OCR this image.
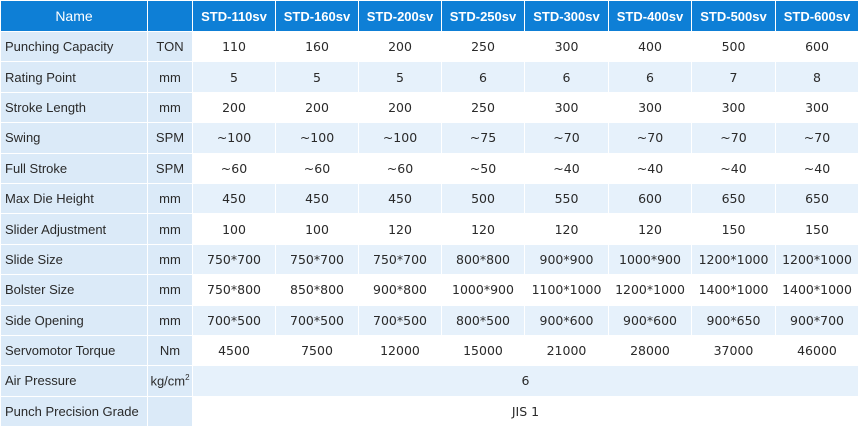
Name		STD-110sv	STD-160sv	STD-200sv	STD-250sv	STD-300sv	STD-400sv	STD-500sv	STD-600sv
Punching Capacity	TON	110	160	200	250	300	400	500	600
Rating Point	mm	5	5	5	6	6	6	7	8
Stroke Length	mm	200	200	200	250	300	300	300	300
Swing	SPM	~100	~100	~100	~75	~70	~70	~70	~70
Full Stroke	SPM	~60	~60	~60	~50	~40	~40	~40	~40
Max Die Height	mm	450	450	450	500	550	600	650	650
Slider Adjustment	mm	100	100	120	120	120	120	150	150
Slide Size	mm	750*700	750*700	750*700	800*800	900*900	1000*900	1200*1000	1200*1000
Bolster Size	mm	750*800	850*800	900*800	1000*900	1100*1000	1200*1000	1400*1000	1400*1000
Side Opening	mm	700*500	700*500	700*500	800*500	900*600	900*600	900*650	900*700
Servomotor Torque	Nm	4500	7500	12000	15000	21000	28000	37000	46000
Air Pressure	$kg/cm^2$	6							
Punch Precision Grade		JIS 1							
